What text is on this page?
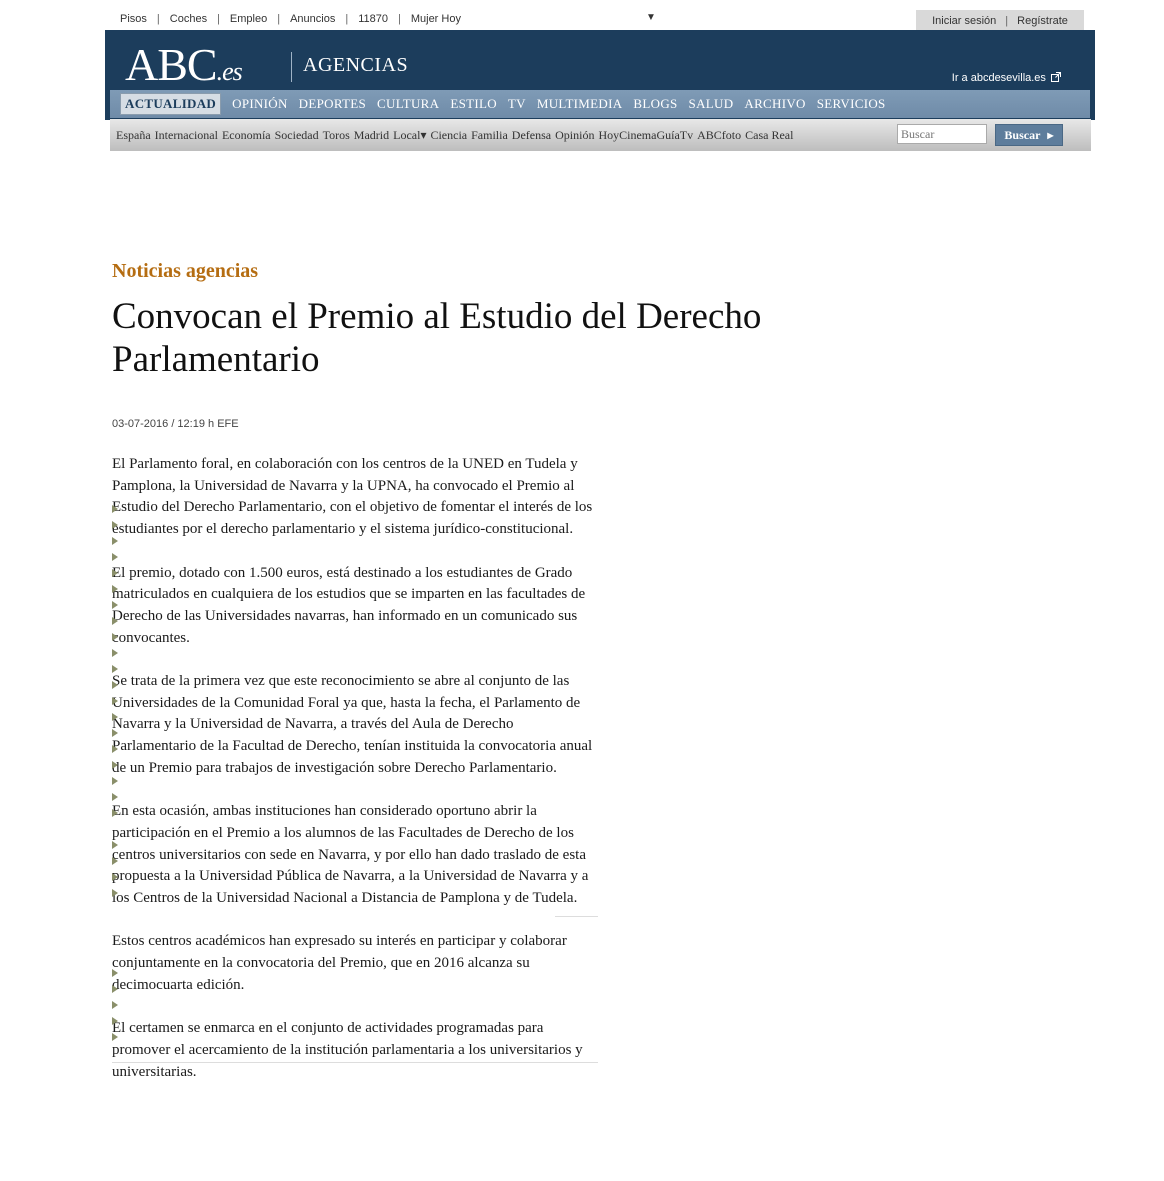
Pisos | Coches | Empleo | Anuncios | 11870 | Mujer Hoy	▼	Iniciar sesión | Regístrate
ABC.es	AGENCIAS
Ir a abcdesevilla.es
ACTUALIDAD	OPINIÓN DEPORTES CULTURA ESTILO TV MULTIMEDIA BLOGS SALUD ARCHIVO SERVICIOS
España Internacional Economía Sociedad Toros Madrid Local▾ Ciencia Familia Defensa Opinión HoyCinemaGuíaTv ABCfoto Casa Real
Buscar	Buscar ▶
Noticias agencias
Convocan el Premio al Estudio del Derecho Parlamentario
03-07-2016 / 12:19 h EFE

El Parlamento foral, en colaboración con los centros de la UNED en Tudela y Pamplona, la Universidad de Navarra y la UPNA, ha convocado el Premio al Estudio del Derecho Parlamentario, con el objetivo de fomentar el interés de los estudiantes por el derecho parlamentario y el sistema jurídico-constitucional.

El premio, dotado con 1.500 euros, está destinado a los estudiantes de Grado matriculados en cualquiera de los estudios que se imparten en las facultades de Derecho de las Universidades navarras, han informado en un comunicado sus convocantes.

Se trata de la primera vez que este reconocimiento se abre al conjunto de las Universidades de la Comunidad Foral ya que, hasta la fecha, el Parlamento de Navarra y la Universidad de Navarra, a través del Aula de Derecho Parlamentario de la Facultad de Derecho, tenían instituida la convocatoria anual de un Premio para trabajos de investigación sobre Derecho Parlamentario.

En esta ocasión, ambas instituciones han considerado oportuno abrir la participación en el Premio a los alumnos de las Facultades de Derecho de los centros universitarios con sede en Navarra, y por ello han dado traslado de esta propuesta a la Universidad Pública de Navarra, a la Universidad de Navarra y a los Centros de la Universidad Nacional a Distancia de Pamplona y de Tudela.

Estos centros académicos han expresado su interés en participar y colaborar conjuntamente en la convocatoria del Premio, que en 2016 alcanza su decimocuarta edición.

El certamen se enmarca en el conjunto de actividades programadas para promover el acercamiento de la institución parlamentaria a los universitarios y universitarias.
